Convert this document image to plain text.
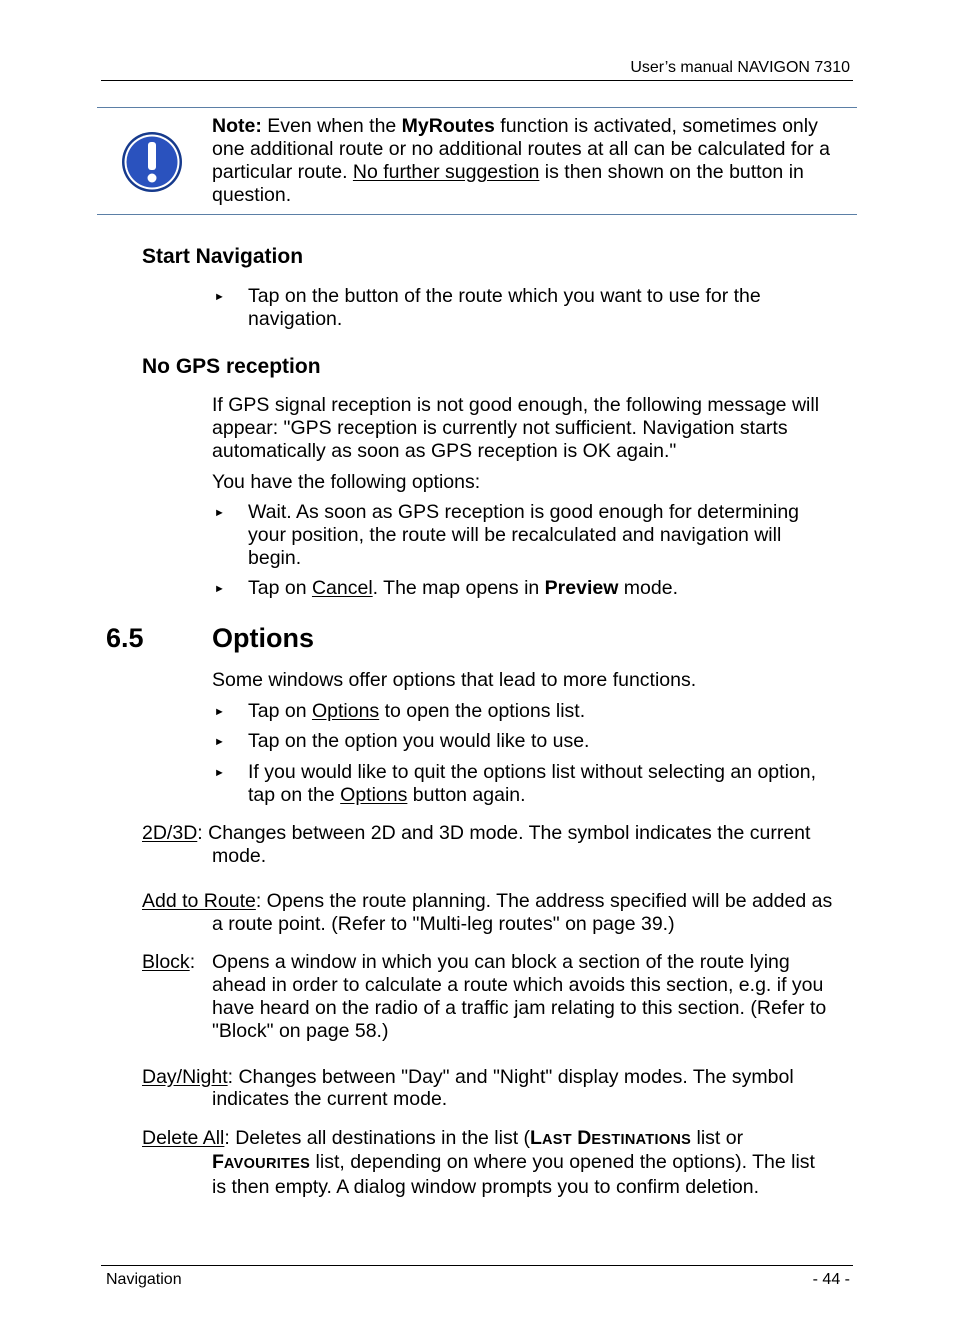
User’s manual NAVIGON 7310
Note: Even when the MyRoutes function is activated, sometimes only
one additional route or no additional routes at all can be calculated for a
particular route. No further suggestion is then shown on the button in
question.
Start Navigation
► Tap on the button of the route which you want to use for the
navigation.
No GPS reception
If GPS signal reception is not good enough, the following message will
appear: "GPS reception is currently not sufficient. Navigation starts
automatically as soon as GPS reception is OK again."
You have the following options:
► Wait. As soon as GPS reception is good enough for determining
your position, the route will be recalculated and navigation will
begin.
► Tap on Cancel. The map opens in Preview mode.
6.5	Options
Some windows offer options that lead to more functions.
► Tap on Options to open the options list.
► Tap on the option you would like to use.
► If you would like to quit the options list without selecting an option,
tap on the Options button again.
2D/3D: Changes between 2D and 3D mode. The symbol indicates the current
mode.
Add to Route: Opens the route planning. The address specified will be added as
a route point. (Refer to "Multi-leg routes" on page 39.)
Block: Opens a window in which you can block a section of the route lying
ahead in order to calculate a route which avoids this section, e.g. if you
have heard on the radio of a traffic jam relating to this section. (Refer to
"Block" on page 58.)
Day/Night: Changes between "Day" and "Night" display modes. The symbol
indicates the current mode.
Delete All: Deletes all destinations in the list (LAST DESTINATIONS list or
FAVOURITES list, depending on where you opened the options). The list
is then empty. A dialog window prompts you to confirm deletion.
Navigation	- 44 -
